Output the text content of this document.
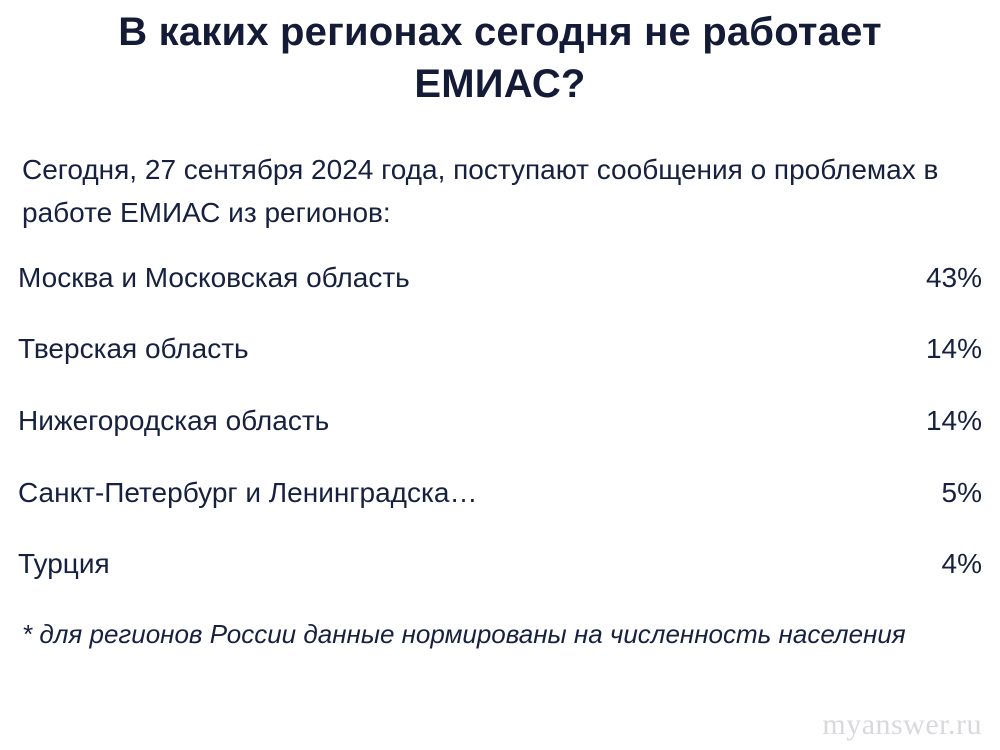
В каких регионах сегодня не работает ЕМИАС?

Сегодня, 27 сентября 2024 года, поступают сообщения о проблемах в работе ЕМИАС из регионов:

Москва и Московская область	43%
Тверская область	14%
Нижегородская область	14%
Санкт-Петербург и Ленинградска…	5%
Турция	4%

* для регионов России данные нормированы на численность населения

myanswer.ru
